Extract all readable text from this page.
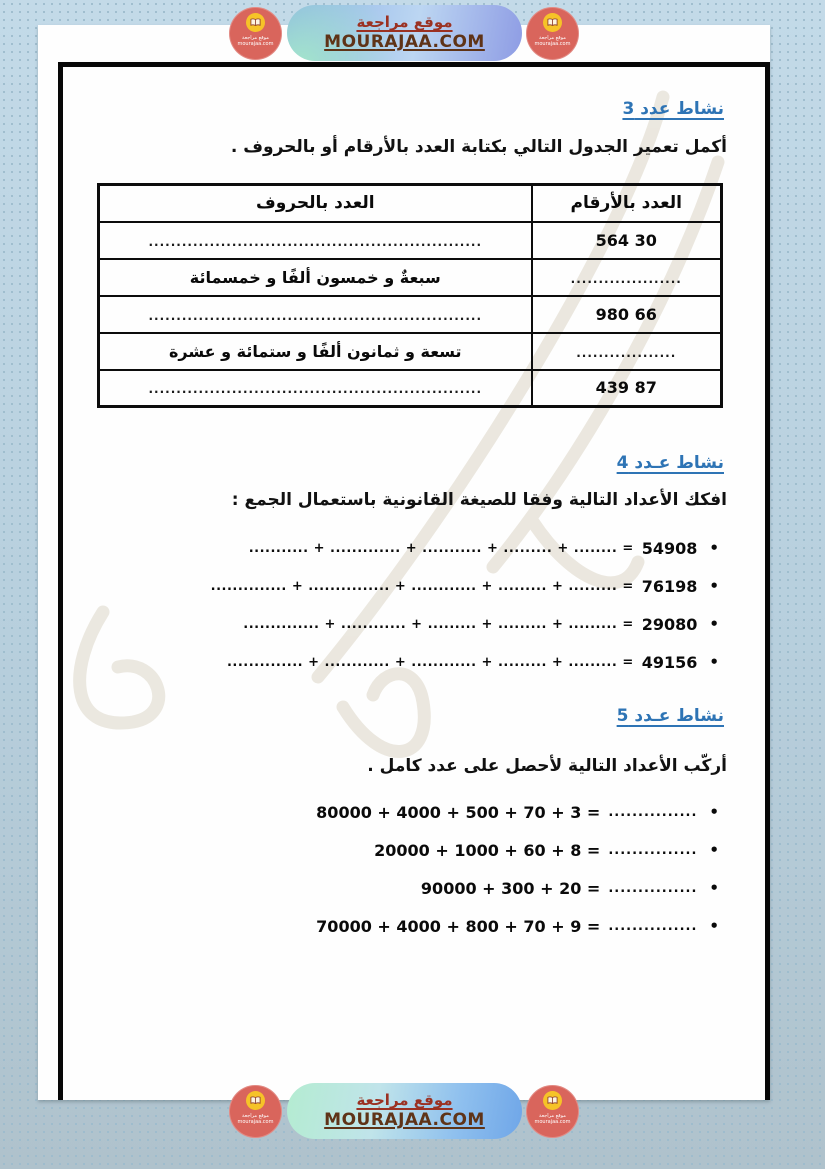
موقع مراجعة
mourajaa.com
موقع مراجعة
MOURAJAA.COM	موقع مراجعة
mourajaa.com
نشاط عدد 3
أكمل تعمير الجدول التالي بكتابة العدد بالأرقام أو بالحروف .
العدد بالأرقام	العدد بالحروف
30 564	............................................................
....................	سبعةٌ و خمسون ألفًا و خمسمائة
66 980	............................................................
..................	تسعة و ثمانون ألفًا و ستمائة و عشرة
87 439	............................................................
نشاط عـدد 4
افكك الأعداد التالية وفقا للصيغة القانونية باستعمال الجمع :
........... + ............. + ........... + ......... + ........ = 54908 •
.............. + ............... + ............ + ......... + ......... = 76198 •
.............. + ............ + ......... + ......... + ......... = 29080 •
.............. + ............ + ............ + ......... + ......... = 49156 •
نشاط عـدد 5
أركّب الأعداد التالية لأحصل على عدد كامل .
80000 + 4000 + 500 + 70 + 3 = ............... •
20000 + 1000 + 60 + 8 = ............... •
90000 + 300 + 20 = ............... •
70000 + 4000 + 800 + 70 + 9 = ............... •
موقع مراجعة
mourajaa.com
موقع مراجعة
MOURAJAA.COM	موقع مراجعة
mourajaa.com
